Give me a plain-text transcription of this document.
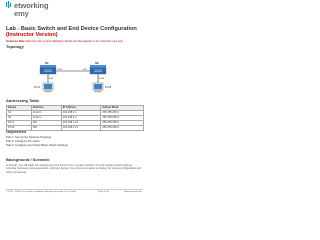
etworking
emy
Lab - Basic Switch and End Device Configuration (Instructor Version)
Instructor Note: Red font color or gray highlights indicate text that appears in the instructor copy only.
Topology
S1	S2
PC-A	PC-B
F0/6
F0/1	F0/1
F0/18
Addressing Table
Device	Interface	IP Address	Subnet Mask
S1	VLAN 1	192.168.1.1	255.255.255.0
S2	VLAN 1	192.168.1.2	255.255.255.0
PC-A	NIC	192.168.1.10	255.255.255.0
PC-B	NIC	192.168.1.11	255.255.255.0
Objectives
Part 1: Set Up the Network Topology
Part 2: Configure PC Hosts
Part 3: Configure and Verify Basic Switch Settings
Background / Scenario
In this lab, you will cable two switches and two PCs to form a simple network. You will configure basic settings, including hostname, local passwords, and login banner. Use show commands to display the running configuration and verify connectivity.
© 2013 - 2020 Cisco and/or its affiliates. All rights reserved. Cisco Public	Page 1 of 9	www.netacad.com
